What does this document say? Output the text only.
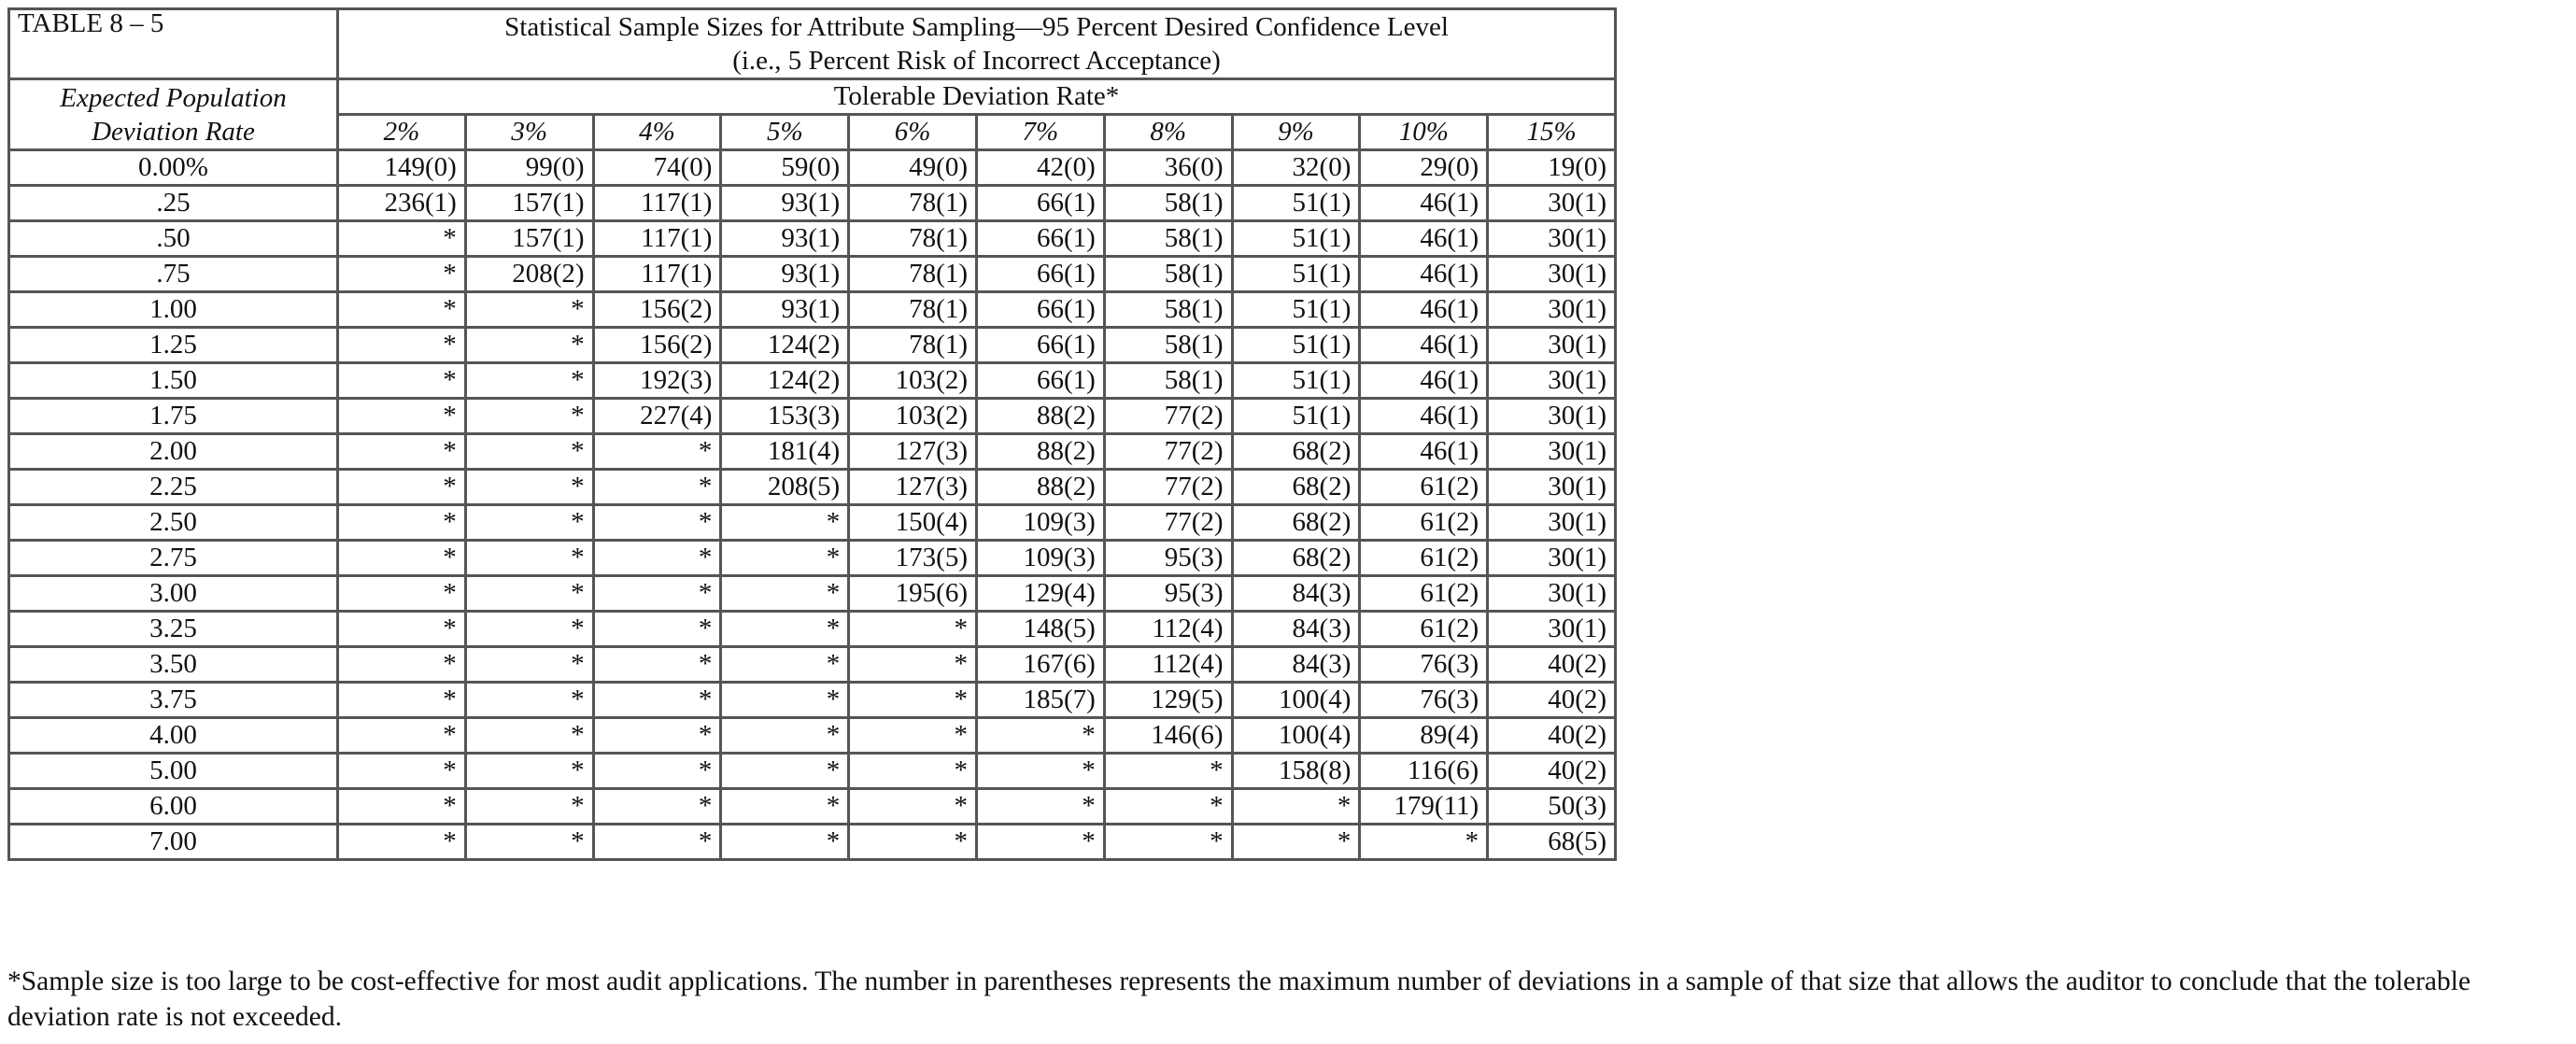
TABLE 8 – 5	Statistical Sample Sizes for Attribute Sampling—95 Percent Desired Confidence Level
(i.e., 5 Percent Risk of Incorrect Acceptance)									

Expected Population
Deviation Rate	Tolerable Deviation Rate*									
	2%	3%	4%	5%	6%	7%	8%	9%	10%	15%
0.00%	149(0)	99(0)	74(0)	59(0)	49(0)	42(0)	36(0)	32(0)	29(0)	19(0)
.25	236(1)	157(1)	117(1)	93(1)	78(1)	66(1)	58(1)	51(1)	46(1)	30(1)
.50	*	157(1)	117(1)	93(1)	78(1)	66(1)	58(1)	51(1)	46(1)	30(1)
.75	*	208(2)	117(1)	93(1)	78(1)	66(1)	58(1)	51(1)	46(1)	30(1)
1.00	*	*	156(2)	93(1)	78(1)	66(1)	58(1)	51(1)	46(1)	30(1)
1.25	*	*	156(2)	124(2)	78(1)	66(1)	58(1)	51(1)	46(1)	30(1)
1.50	*	*	192(3)	124(2)	103(2)	66(1)	58(1)	51(1)	46(1)	30(1)
1.75	*	*	227(4)	153(3)	103(2)	88(2)	77(2)	51(1)	46(1)	30(1)
2.00	*	*	*	181(4)	127(3)	88(2)	77(2)	68(2)	46(1)	30(1)
2.25	*	*	*	208(5)	127(3)	88(2)	77(2)	68(2)	61(2)	30(1)
2.50	*	*	*	*	150(4)	109(3)	77(2)	68(2)	61(2)	30(1)
2.75	*	*	*	*	173(5)	109(3)	95(3)	68(2)	61(2)	30(1)
3.00	*	*	*	*	195(6)	129(4)	95(3)	84(3)	61(2)	30(1)
3.25	*	*	*	*	*	148(5)	112(4)	84(3)	61(2)	30(1)
3.50	*	*	*	*	*	167(6)	112(4)	84(3)	76(3)	40(2)
3.75	*	*	*	*	*	185(7)	129(5)	100(4)	76(3)	40(2)
4.00	*	*	*	*	*	*	146(6)	100(4)	89(4)	40(2)
5.00	*	*	*	*	*	*	*	158(8)	116(6)	40(2)
6.00	*	*	*	*	*	*	*	*	179(11)	50(3)
7.00	*	*	*	*	*	*	*	*	*	68(5)
*Sample size is too large to be cost-effective for most audit applications. The number in parentheses represents the maximum number of deviations in a sample of that size that allows the auditor to conclude that the tolerable deviation rate is not exceeded.
